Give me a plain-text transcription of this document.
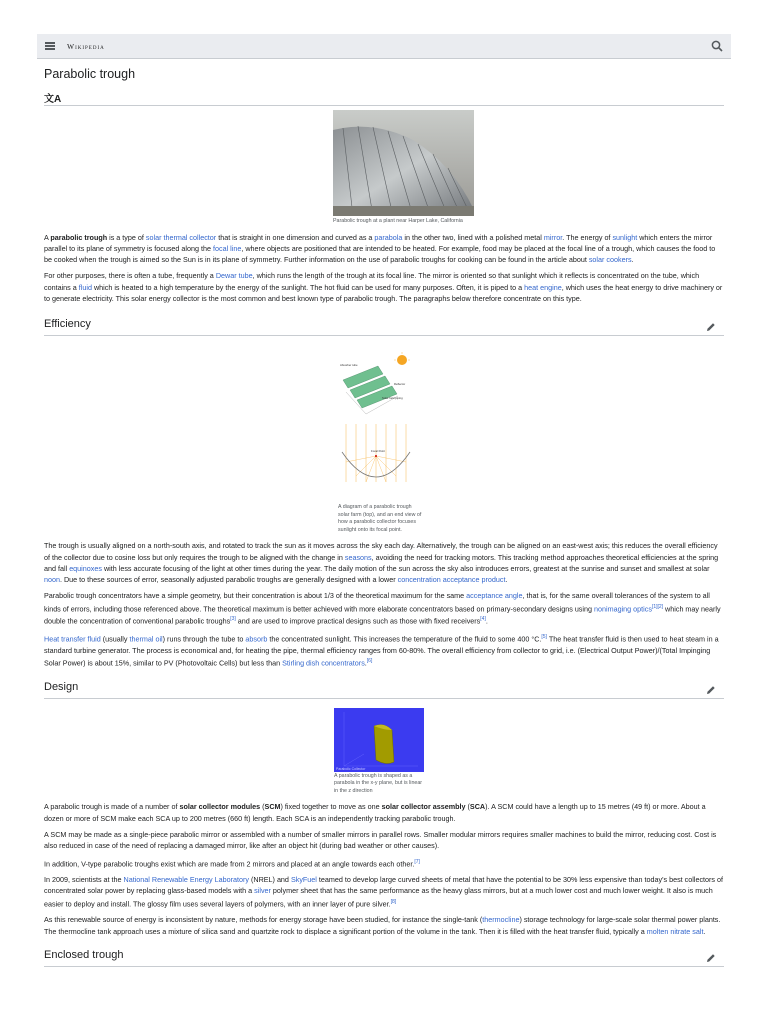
Wikipedia
Parabolic trough
文A
Parabolic trough at a plant near Harper Lake, California

A parabolic trough is a type of solar thermal collector that is straight in one dimension and curved as a parabola in the other two, lined with a polished metal mirror. The energy of sunlight which enters the mirror parallel to its plane of symmetry is focused along the focal line, where objects are positioned that are intended to be heated. For example, food may be placed at the focal line of a trough, which causes the food to be cooked when the trough is aimed so the Sun is in its plane of symmetry. Further information on the use of parabolic troughs for cooking can be found in the article about solar cookers.

For other purposes, there is often a tube, frequently a Dewar tube, which runs the length of the trough at its focal line. The mirror is oriented so that sunlight which it reflects is concentrated on the tube, which contains a fluid which is heated to a high temperature by the energy of the sunlight. The hot fluid can be used for many purposes. Often, it is piped to a heat engine, which uses the heat energy to drive machinery or to generate electricity. This solar energy collector is the most common and best known type of parabolic trough. The paragraphs below therefore concentrate on this type.

Efficiency
Absorber tube
Reflector
Solar field piping
Focal Point
A diagram of a parabolic trough solar farm (top), and an end view of how a parabolic collector focuses sunlight onto its focal point.

The trough is usually aligned on a north-south axis, and rotated to track the sun as it moves across the sky each day. Alternatively, the trough can be aligned on an east-west axis; this reduces the overall efficiency of the collector due to cosine loss but only requires the trough to be aligned with the change in seasons, avoiding the need for tracking motors. This tracking method approaches theoretical efficiencies at the spring and fall equinoxes with less accurate focusing of the light at other times during the year. The daily motion of the sun across the sky also introduces errors, greatest at the sunrise and sunset and smallest at solar noon. Due to these sources of error, seasonally adjusted parabolic troughs are generally designed with a lower concentration acceptance product.

Parabolic trough concentrators have a simple geometry, but their concentration is about 1/3 of the theoretical maximum for the same acceptance angle, that is, for the same overall tolerances of the system to all kinds of errors, including those referenced above. The theoretical maximum is better achieved with more elaborate concentrators based on primary-secondary designs using nonimaging optics[1][2] which may nearly double the concentration of conventional parabolic troughs[3] and are used to improve practical designs such as those with fixed receivers[4].

Heat transfer fluid (usually thermal oil) runs through the tube to absorb the concentrated sunlight. This increases the temperature of the fluid to some 400 °C.[5] The heat transfer fluid is then used to heat steam in a standard turbine generator. The process is economical and, for heating the pipe, thermal efficiency ranges from 60-80%. The overall efficiency from collector to grid, i.e. (Electrical Output Power)/(Total Impinging Solar Power) is about 15%, similar to PV (Photovoltaic Cells) but less than Stirling dish concentrators.[6]

Design
Parabolic Collector
A parabolic trough is shaped as a parabola in the x-y plane, but is linear in the z direction

A parabolic trough is made of a number of solar collector modules (SCM) fixed together to move as one solar collector assembly (SCA). A SCM could have a length up to 15 metres (49 ft) or more. About a dozen or more of SCM make each SCA up to 200 metres (660 ft) length. Each SCA is an independently tracking parabolic trough.

A SCM may be made as a single-piece parabolic mirror or assembled with a number of smaller mirrors in parallel rows. Smaller modular mirrors requires smaller machines to build the mirror, reducing cost. Cost is also reduced in case of the need of replacing a damaged mirror, like after an object hit (during bad weather or other causes).

In addition, V-type parabolic troughs exist which are made from 2 mirrors and placed at an angle towards each other.[7]

In 2009, scientists at the National Renewable Energy Laboratory (NREL) and SkyFuel teamed to develop large curved sheets of metal that have the potential to be 30% less expensive than today's best collectors of concentrated solar power by replacing glass-based models with a silver polymer sheet that has the same performance as the heavy glass mirrors, but at a much lower cost and much lower weight. It also is much easier to deploy and install. The glossy film uses several layers of polymers, with an inner layer of pure silver.[8]

As this renewable source of energy is inconsistent by nature, methods for energy storage have been studied, for instance the single-tank (thermocline) storage technology for large-scale solar thermal power plants. The thermocline tank approach uses a mixture of silica sand and quartzite rock to displace a significant portion of the volume in the tank. Then it is filled with the heat transfer fluid, typically a molten nitrate salt.

Enclosed trough
